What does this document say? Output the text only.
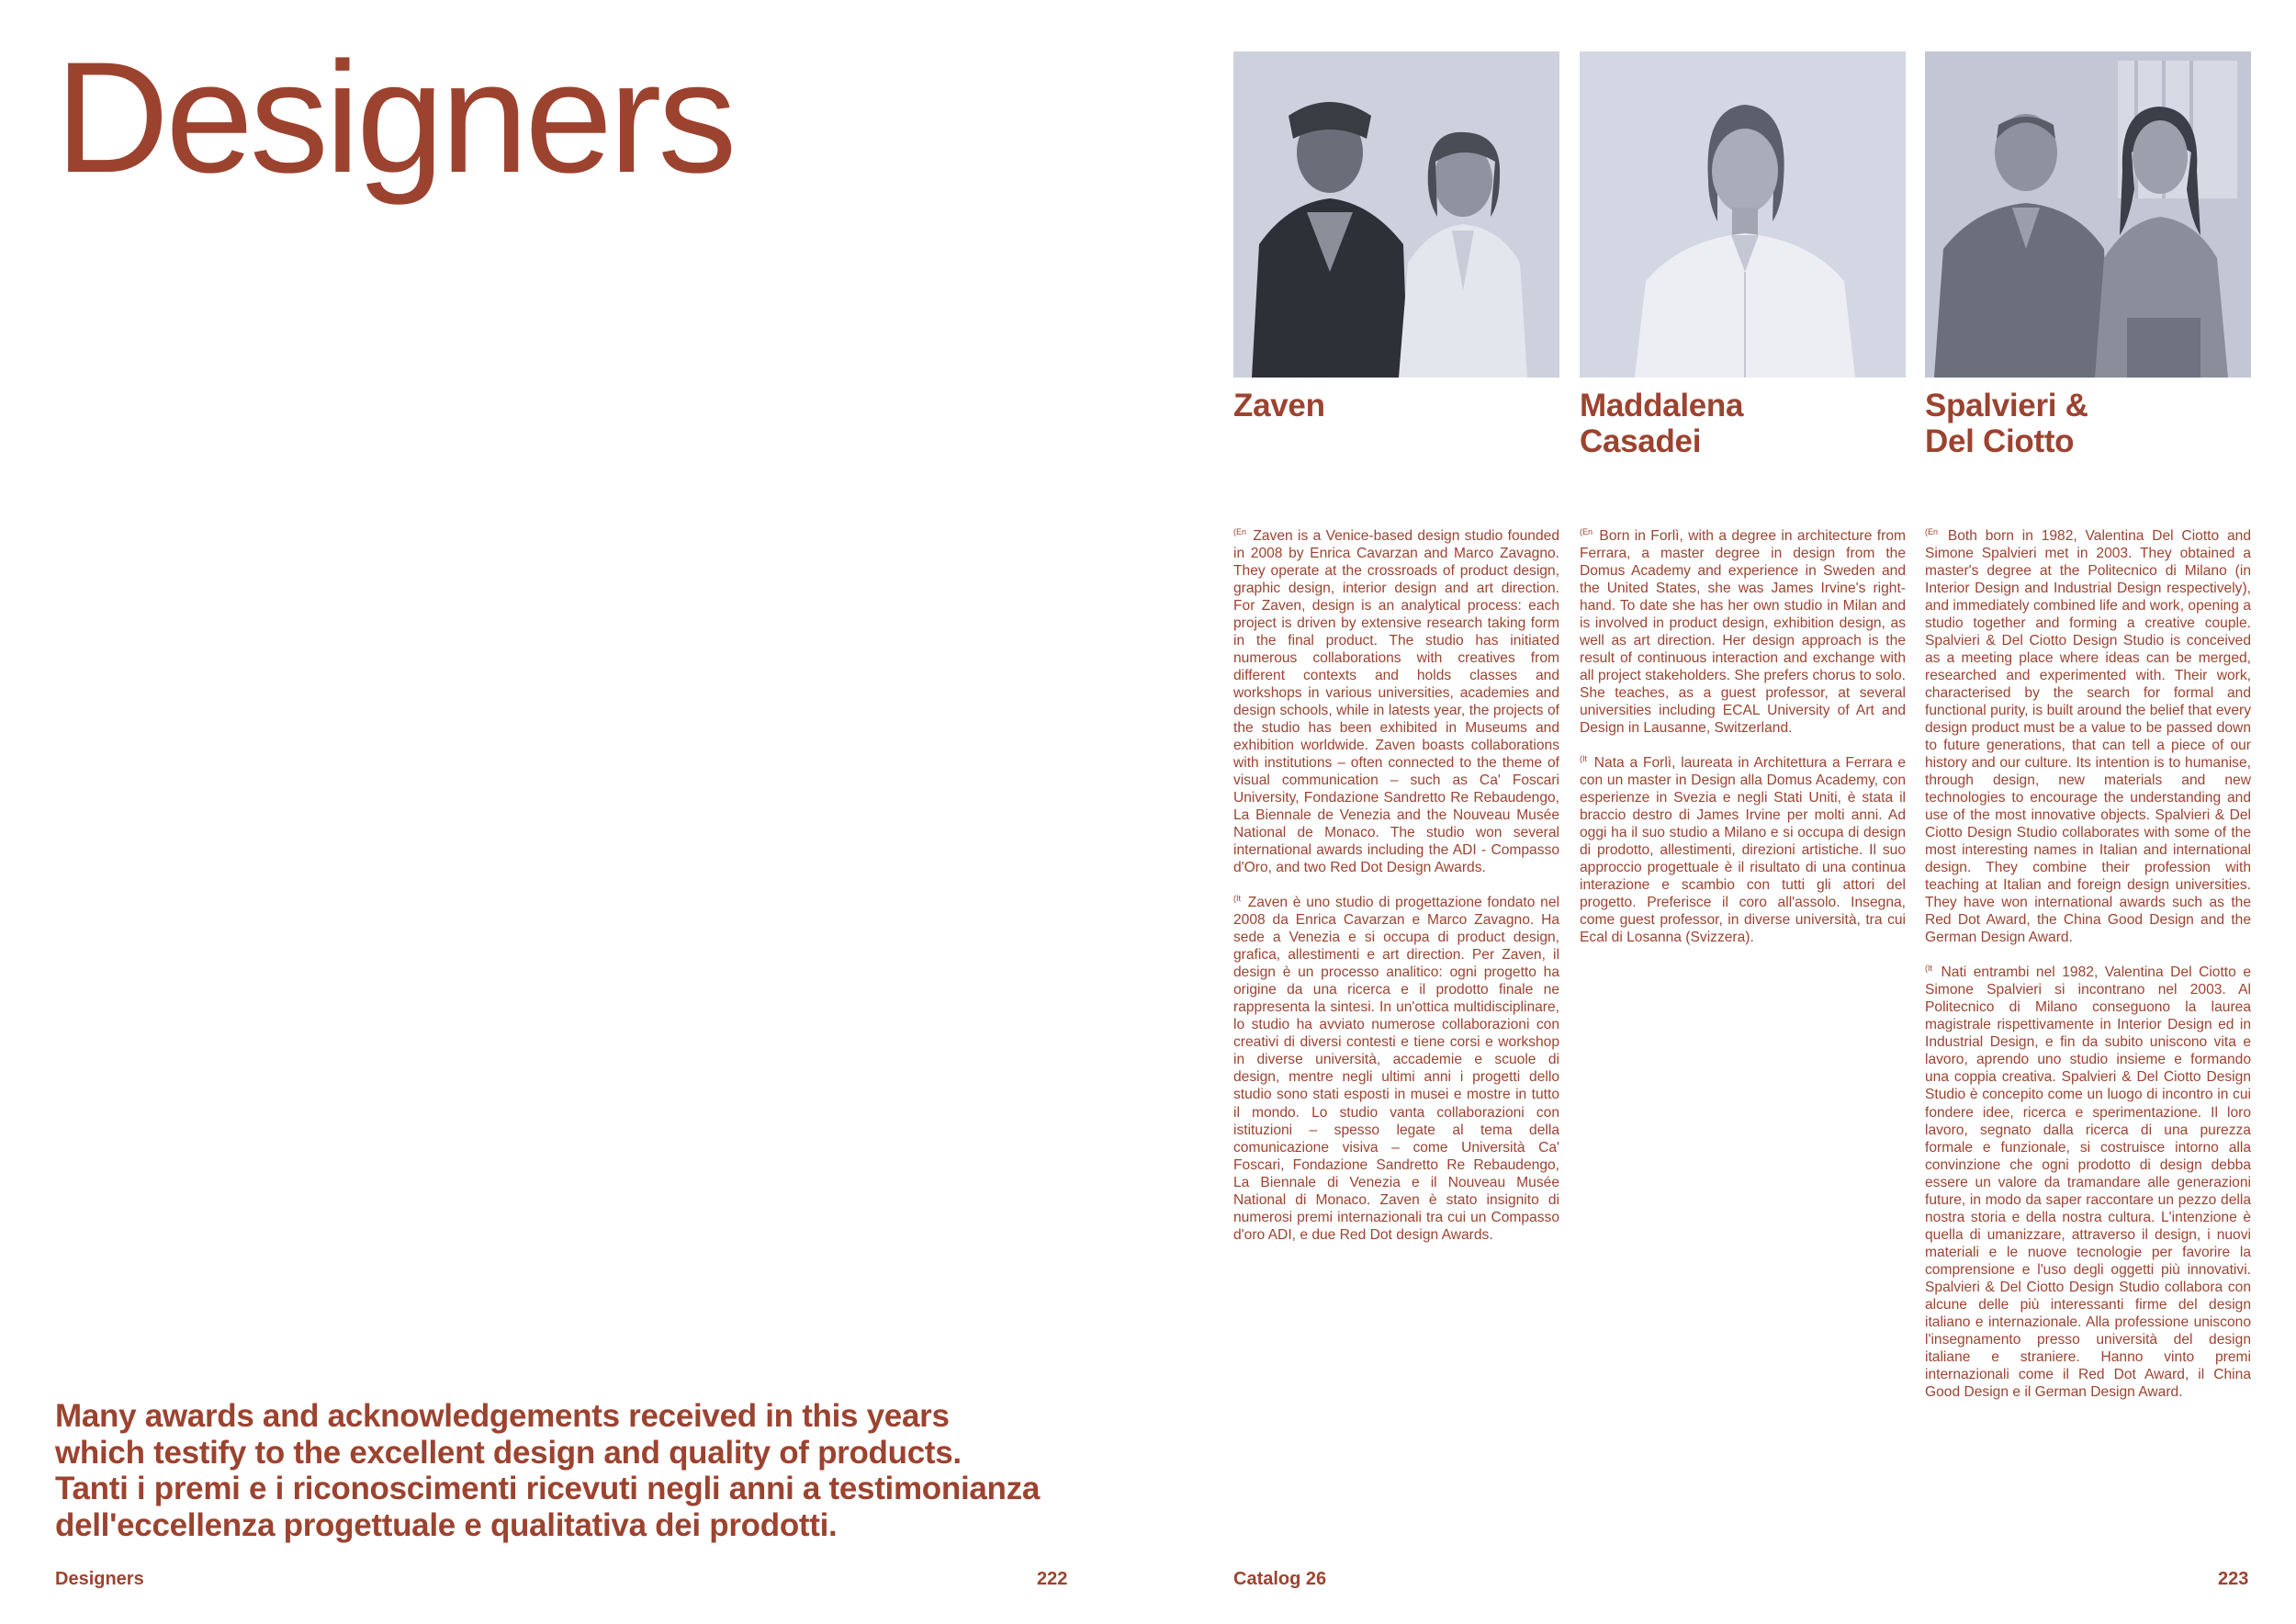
Designers

Many awards and acknowledgements received in this years
which testify to the excellent design and quality of products.
Tanti i premi e i riconoscimenti ricevuti negli anni a testimonianza
dell'eccellenza progettuale e qualitativa dei prodotti.

Designers	222
Zaven	Maddalena
Casadei
Spalvieri &
Del Ciotto

$^{(En}$ Zaven is a Venice-based design studio founded in 2008 by Enrica Cavarzan and Marco Zavagno. They operate at the crossroads of product design, graphic design, interior design and art direction. For Zaven, design is an analytical process: each project is driven by extensive research taking form in the final product. The studio has initiated numerous collaborations with creatives from different contexts and holds classes and workshops in various universities, academies and design schools, while in latests year, the projects of the studio has been exhibited in Museums and exhibition worldwide. Zaven boasts collaborations with institutions – often connected to the theme of visual communication – such as Ca' Foscari University, Fondazione Sandretto Re Rebaudengo, La Biennale de Venezia and the Nouveau Musée National de Monaco. The studio won several international awards including the ADI - Compasso d'Oro, and two Red Dot Design Awards.

$^{(It}$ Zaven è uno studio di progettazione fondato nel 2008 da Enrica Cavarzan e Marco Zavagno. Ha sede a Venezia e si occupa di product design, grafica, allestimenti e art direction. Per Zaven, il design è un processo analitico: ogni progetto ha origine da una ricerca e il prodotto finale ne rappresenta la sintesi. In un'ottica multidisciplinare, lo studio ha avviato numerose collaborazioni con creativi di diversi contesti e tiene corsi e workshop in diverse università, accademie e scuole di design, mentre negli ultimi anni i progetti dello studio sono stati esposti in musei e mostre in tutto il mondo. Lo studio vanta collaborazioni con istituzioni – spesso legate al tema della comunicazione visiva – come Università Ca' Foscari, Fondazione Sandretto Re Rebaudengo, La Biennale di Venezia e il Nouveau Musée National di Monaco. Zaven è stato insignito di numerosi premi internazionali tra cui un Compasso d'oro ADI, e due Red Dot design Awards.

$^{(En}$ Born in Forlì, with a degree in architecture from Ferrara, a master degree in design from the Domus Academy and experience in Sweden and the United States, she was James Irvine's right-hand. To date she has her own studio in Milan and is involved in product design, exhibition design, as well as art direction. Her design approach is the result of continuous interaction and exchange with all project stakeholders. She prefers chorus to solo. She teaches, as a guest professor, at several universities including ECAL University of Art and Design in Lausanne, Switzerland.

$^{(It}$ Nata a Forlì, laureata in Architettura a Ferrara e con un master in Design alla Domus Academy, con esperienze in Svezia e negli Stati Uniti, è stata il braccio destro di James Irvine per molti anni. Ad oggi ha il suo studio a Milano e si occupa di design di prodotto, allestimenti, direzioni artistiche. Il suo approccio progettuale è il risultato di una continua interazione e scambio con tutti gli attori del progetto. Preferisce il coro all'assolo. Insegna, come guest professor, in diverse università, tra cui Ecal di Losanna (Svizzera).

$^{(En}$ Both born in 1982, Valentina Del Ciotto and Simone Spalvieri met in 2003. They obtained a master's degree at the Politecnico di Milano (in Interior Design and Industrial Design respectively), and immediately combined life and work, opening a studio together and forming a creative couple. Spalvieri & Del Ciotto Design Studio is conceived as a meeting place where ideas can be merged, researched and experimented with. Their work, characterised by the search for formal and functional purity, is built around the belief that every design product must be a value to be passed down to future generations, that can tell a piece of our history and our culture. Its intention is to humanise, through design, new materials and new technologies to encourage the understanding and use of the most innovative objects. Spalvieri & Del Ciotto Design Studio collaborates with some of the most interesting names in Italian and international design. They combine their profession with teaching at Italian and foreign design universities. They have won international awards such as the Red Dot Award, the China Good Design and the German Design Award.

$^{(It}$ Nati entrambi nel 1982, Valentina Del Ciotto e Simone Spalvieri si incontrano nel 2003. Al Politecnico di Milano conseguono la laurea magistrale rispettivamente in Interior Design ed in Industrial Design, e fin da subito uniscono vita e lavoro, aprendo uno studio insieme e formando una coppia creativa. Spalvieri & Del Ciotto Design Studio è concepito come un luogo di incontro in cui fondere idee, ricerca e sperimentazione. Il loro lavoro, segnato dalla ricerca di una purezza formale e funzionale, si costruisce intorno alla convinzione che ogni prodotto di design debba essere un valore da tramandare alle generazioni future, in modo da saper raccontare un pezzo della nostra storia e della nostra cultura. L'intenzione è quella di umanizzare, attraverso il design, i nuovi materiali e le nuove tecnologie per favorire la comprensione e l'uso degli oggetti più innovativi. Spalvieri & Del Ciotto Design Studio collabora con alcune delle più interessanti firme del design italiano e internazionale. Alla professione uniscono l'insegnamento presso università del design italiane e straniere. Hanno vinto premi internazionali come il Red Dot Award, il China Good Design e il German Design Award.

Catalog 26	223
